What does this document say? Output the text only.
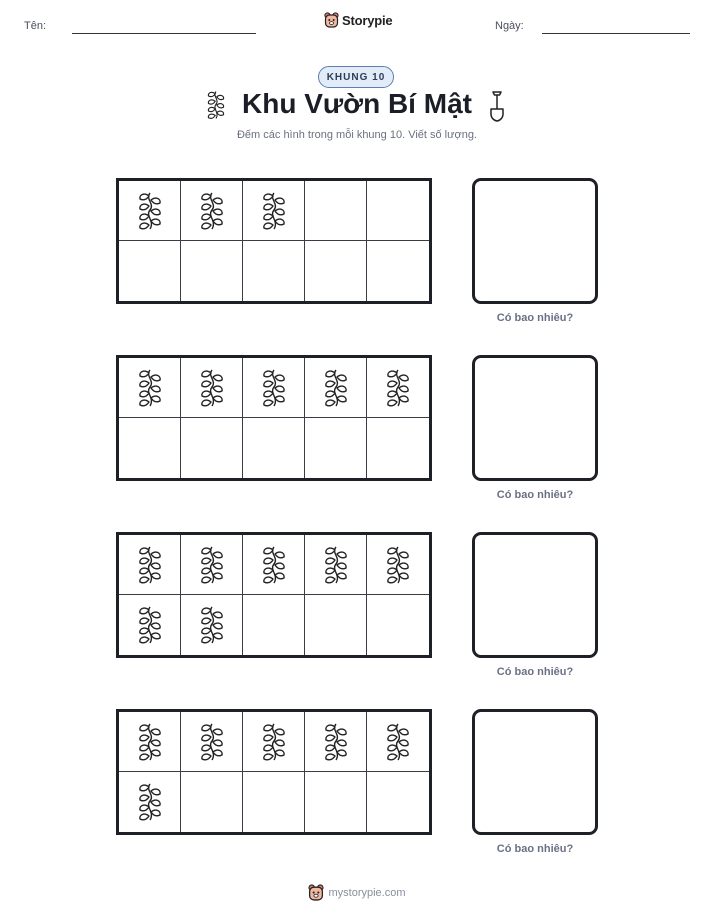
Tên:	Storypie	Ngày:
KHUNG 10
Khu Vườn Bí Mật
Đếm các hình trong mỗi khung 10. Viết số lượng.
Có bao nhiêu?
Có bao nhiêu?
Có bao nhiêu?
Có bao nhiêu?
mystorypie.com
